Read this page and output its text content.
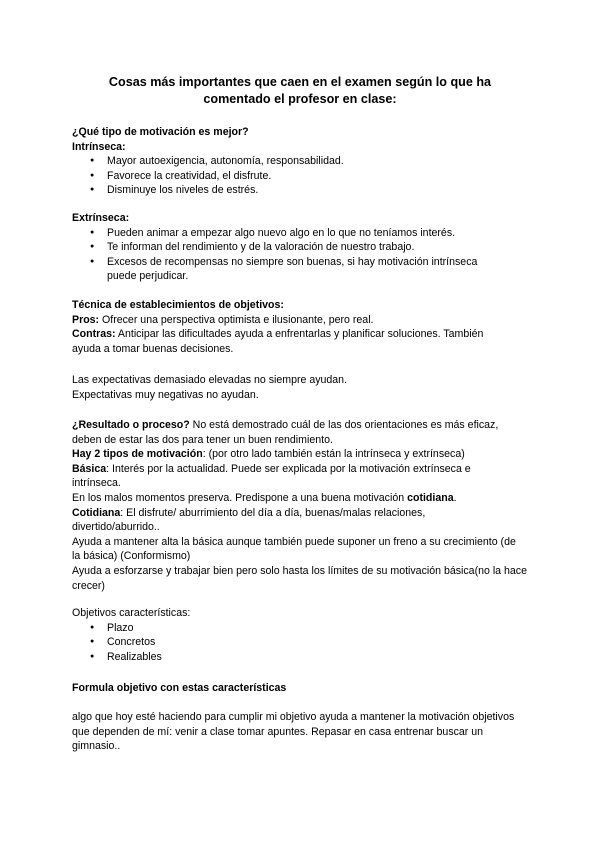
Cosas más importantes que caen en el examen según lo que ha
comentado el profesor en clase:

¿Qué tipo de motivación es mejor?

Intrínseca:

● Mayor autoexigencia, autonomía, responsabilidad.
● Favorece la creatividad, el disfrute.
● Disminuye los niveles de estrés.

Extrínseca:

● Pueden animar a empezar algo nuevo algo en lo que no teníamos interés.
● Te informan del rendimiento y de la valoración de nuestro trabajo.
● Excesos de recompensas no siempre son buenas, si hay motivación intrínseca puede perjudicar.

Técnica de establecimientos de objetivos:

Pros: Ofrecer una perspectiva optimista e ilusionante, pero real.

Contras: Anticipar las dificultades ayuda a enfrentarlas y planificar soluciones. También ayuda a tomar buenas decisiones.

Las expectativas demasiado elevadas no siempre ayudan.

Expectativas muy negativas no ayudan.

¿Resultado o proceso? No está demostrado cuál de las dos orientaciones es más eficaz, deben de estar las dos para tener un buen rendimiento.

Hay 2 tipos de motivación: (por otro lado también están la intrínseca y extrínseca)

Básica: Interés por la actualidad. Puede ser explicada por la motivación extrínseca e intrínseca.

En los malos momentos preserva. Predispone a una buena motivación cotidiana.

Cotidiana: El disfrute/ aburrimiento del día a día, buenas/malas relaciones, divertido/aburrido..

Ayuda a mantener alta la básica aunque también puede suponer un freno a su crecimiento (de la básica) (Conformismo)

Ayuda a esforzarse y trabajar bien pero solo hasta los límites de su motivación básica(no la hace crecer)

Objetivos características:

● Plazo
● Concretos
● Realizables

Formula objetivo con estas características

algo que hoy esté haciendo para cumplir mi objetivo ayuda a mantener la motivación objetivos que dependen de mí: venir a clase tomar apuntes. Repasar en casa entrenar buscar un gimnasio..
